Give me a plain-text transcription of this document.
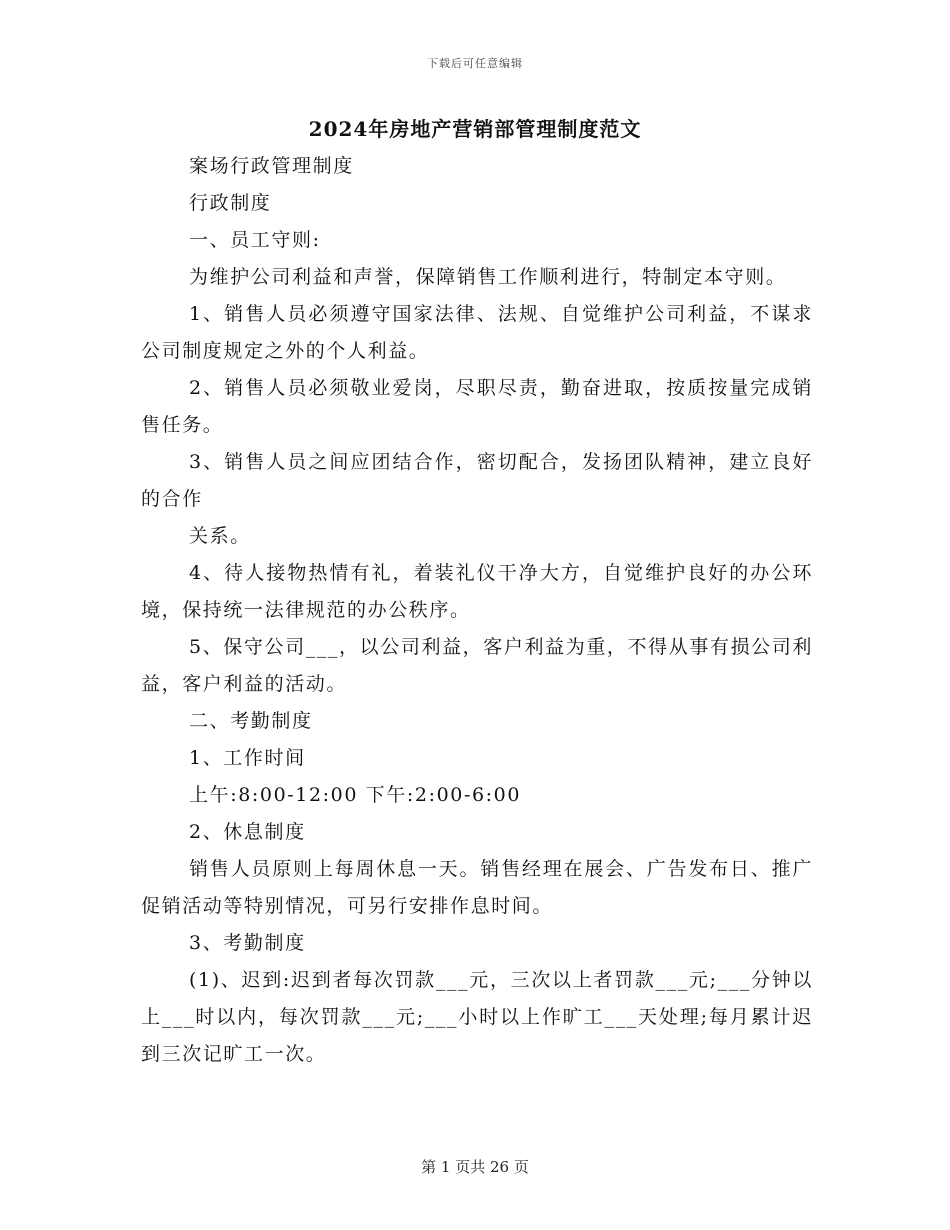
下载后可任意编辑
2024年房地产营销部管理制度范文

案场行政管理制度

行政制度

一、员工守则:

为维护公司利益和声誉，保障销售工作顺利进行，特制定本守则。

1、销售人员必须遵守国家法律、法规、自觉维护公司利益，不谋求公司制度规定之外的个人利益。

2、销售人员必须敬业爱岗，尽职尽责，勤奋进取，按质按量完成销售任务。

3、销售人员之间应团结合作，密切配合，发扬团队精神，建立良好的合作

关系。

4、待人接物热情有礼，着装礼仪干净大方，自觉维护良好的办公环境，保持统一法律规范的办公秩序。

5、保守公司___，以公司利益，客户利益为重，不得从事有损公司利益，客户利益的活动。

二、考勤制度

1、工作时间

上午:8:00-12:00 下午:2:00-6:00

2、休息制度

销售人员原则上每周休息一天。销售经理在展会、广告发布日、推广促销活动等特别情况，可另行安排作息时间。

3、考勤制度

(1)、迟到:迟到者每次罚款___元，三次以上者罚款___元;___分钟以上___时以内，每次罚款___元;___小时以上作旷工___天处理;每月累计迟到三次记旷工一次。

第 1 页共 26 页
